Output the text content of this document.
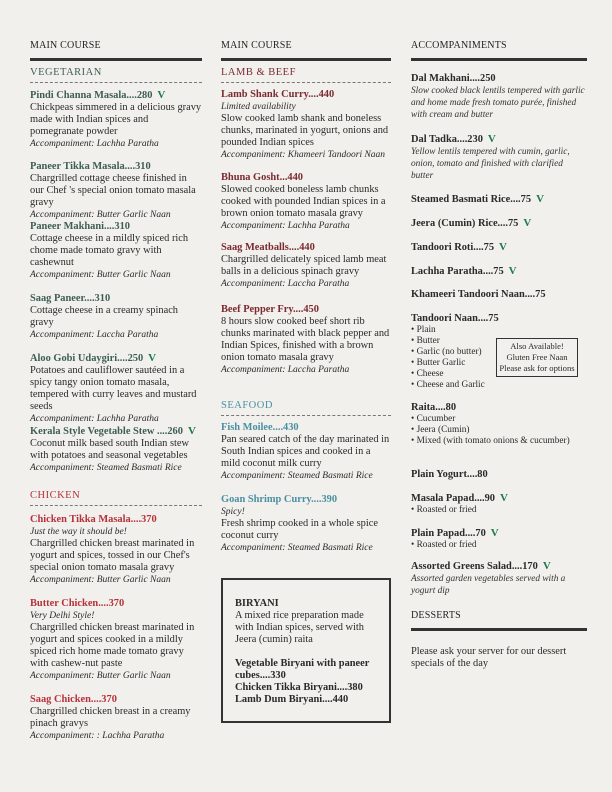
MAIN COURSE
VEGETARIAN
Pindi Channa Masala....280 V
Chickpeas simmered in a delicious gravy made with Indian spices and pomegranate powder
Accompaniment: Lachha Paratha
Paneer Tikka Masala....310
Chargrilled cottage cheese finished in our Chef 's special onion tomato masala gravy
Accompaniment: Butter Garlic Naan
Paneer Makhani....310
Cottage cheese in a mildly spiced rich chome made tomato gravy with cashewnut
Accompaniment: Butter Garlic Naan
Saag Paneer....310
Cottage cheese in a creamy spinach gravy
Accompaniment: Laccha Paratha
Aloo Gobi Udaygiri....250 V
Potatoes and cauliflower sautéed in a spicy tangy onion tomato masala, tempered with curry leaves and mustard seeds
Accompaniment: Lachha Paratha
Kerala Style Vegetable Stew ....260 V
Coconut milk based south Indian stew with potatoes and seasonal vegetables
Accompaniment: Steamed Basmati Rice
CHICKEN
Chicken Tikka Masala....370
Just the way it should be!
Chargrilled chicken breast marinated in yogurt and spices, tossed in our Chef's special onion tomato masala gravy
Accompaniment: Butter Garlic Naan
Butter Chicken....370
Very Delhi Style!
Chargrilled chicken breast marinated in yogurt and spices cooked in a mildly spiced rich home made tomato gravy with cashew-nut paste
Accompaniment: Butter Garlic Naan
Saag Chicken....370
Chargrilled chicken breast in a creamy pinach gravys
Accompaniment: : Lachha Paratha
MAIN COURSE
LAMB & BEEF
Lamb Shank Curry....440
Limited availability
Slow cooked lamb shank and boneless chunks, marinated in yogurt, onions and pounded Indian spices
Accompaniment: Khameeri Tandoori Naan
Bhuna Gosht...440
Slowed cooked boneless lamb chunks cooked with pounded Indian spices in a brown onion tomato masala gravy
Accompaniment: Lachha Paratha
Saag Meatballs....440
Chargrilled delicately spiced lamb meat balls in a delicious spinach gravy
Accompaniment: Laccha Paratha
Beef Pepper Fry....450
8 hours slow cooked beef short rib chunks marinated with black pepper and Indian Spices, finished with a brown onion tomato masala gravy
Accompaniment: Laccha Paratha
SEAFOOD
Fish Moilee....430
Pan seared catch of the day marinated in South Indian spices and cooked in a mild coconut milk curry
Accompaniment: Steamed Basmati Rice
Goan Shrimp Curry....390
Spicy!
Fresh shrimp cooked in a whole spice coconut curry
Accompaniment: Steamed Basmati Rice
BIRYANI
A mixed rice preparation made with Indian spices, served with Jeera (cumin) raita

Vegetable Biryani with paneer cubes....330
Chicken Tikka Biryani....380
Lamb Dum Biryani....440
ACCOMPANIMENTS
Dal Makhani....250
Slow cooked black lentils tempered with garlic and home made fresh tomato purée, finished with cream and butter
Dal Tadka....230 V
Yellow lentils tempered with cumin, garlic, onion, tomato and finished with clarified butter
Steamed Basmati Rice....75 V
Jeera (Cumin) Rice....75 V
Tandoori Roti....75 V
Lachha Paratha....75 V
Khameeri Tandoori Naan....75
Tandoori Naan....75
• Plain
• Butter
• Garlic (no butter)
• Butter Garlic
• Cheese
• Cheese and Garlic
Also Available!
Gluten Free Naan
Please ask for options
Raita....80
• Cucumber
• Jeera (Cumin)
• Mixed (with tomato onions & cucumber)
Plain Yogurt....80
Masala Papad....90 V
• Roasted or fried
Plain Papad....70 V
• Roasted or fried
Assorted Greens Salad....170 V
Assorted garden vegetables served with a yogurt dip
DESSERTS
Please ask your server for our dessert specials of the day
